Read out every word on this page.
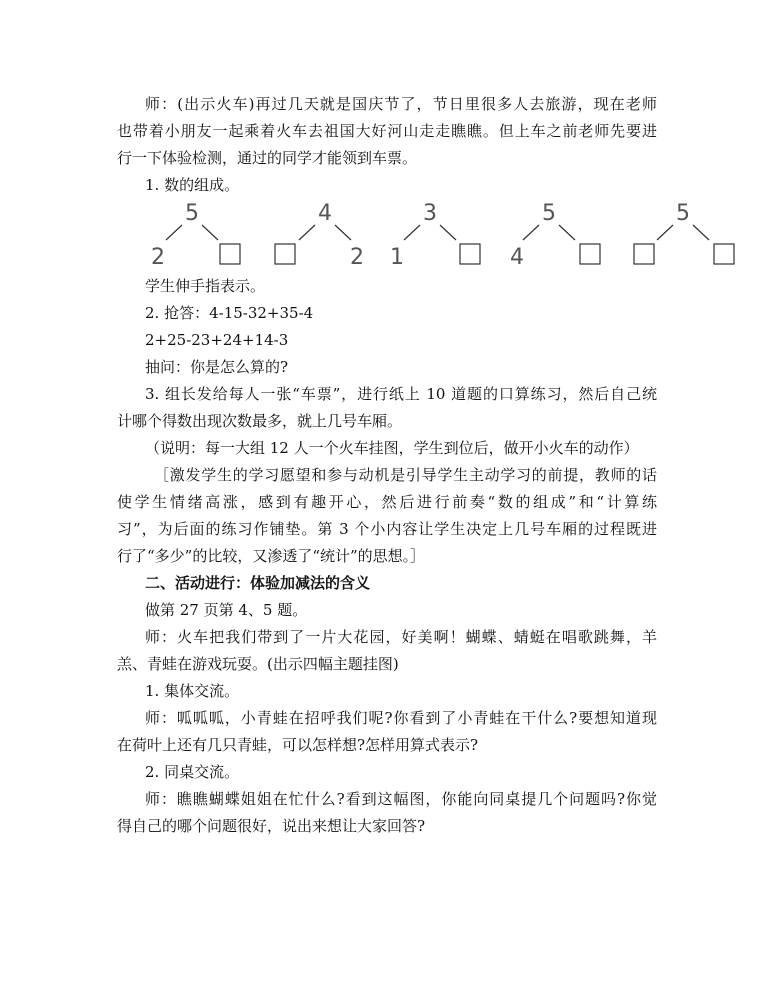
师：(出示火车)再过几天就是国庆节了，节日里很多人去旅游，现在老师
也带着小朋友一起乘着火车去祖国大好河山走走瞧瞧。但上车之前老师先要进
行一下体验检测，通过的同学才能领到车票。
1. 数的组成。
5
2
4
2
3
1
5
4
5
学生伸手指表示。
2. 抢答：4-15-32+35-4
2+25-23+24+14-3
抽问：你是怎么算的?
3. 组长发给每人一张“车票”，进行纸上 10 道题的口算练习，然后自己统
计哪个得数出现次数最多，就上几号车厢。
（说明：每一大组 12 人一个火车挂图，学生到位后，做开小火车的动作）
［激发学生的学习愿望和参与动机是引导学生主动学习的前提，教师的话
使学生情绪高涨，感到有趣开心，然后进行前奏“数的组成”和“计算练
习”，为后面的练习作铺垫。第 3 个小内容让学生决定上几号车厢的过程既进
行了“多少”的比较，又渗透了“统计”的思想。］
二、活动进行：体验加减法的含义
做第 27 页第 4、5 题。
师：火车把我们带到了一片大花园，好美啊！蝴蝶、蜻蜓在唱歌跳舞，羊
羔、青蛙在游戏玩耍。(出示四幅主题挂图)
1. 集体交流。
师：呱呱呱，小青蛙在招呼我们呢?你看到了小青蛙在干什么?要想知道现
在荷叶上还有几只青蛙，可以怎样想?怎样用算式表示?
2. 同桌交流。
师：瞧瞧蝴蝶姐姐在忙什么?看到这幅图，你能向同桌提几个问题吗?你觉
得自己的哪个问题很好，说出来想让大家回答?
